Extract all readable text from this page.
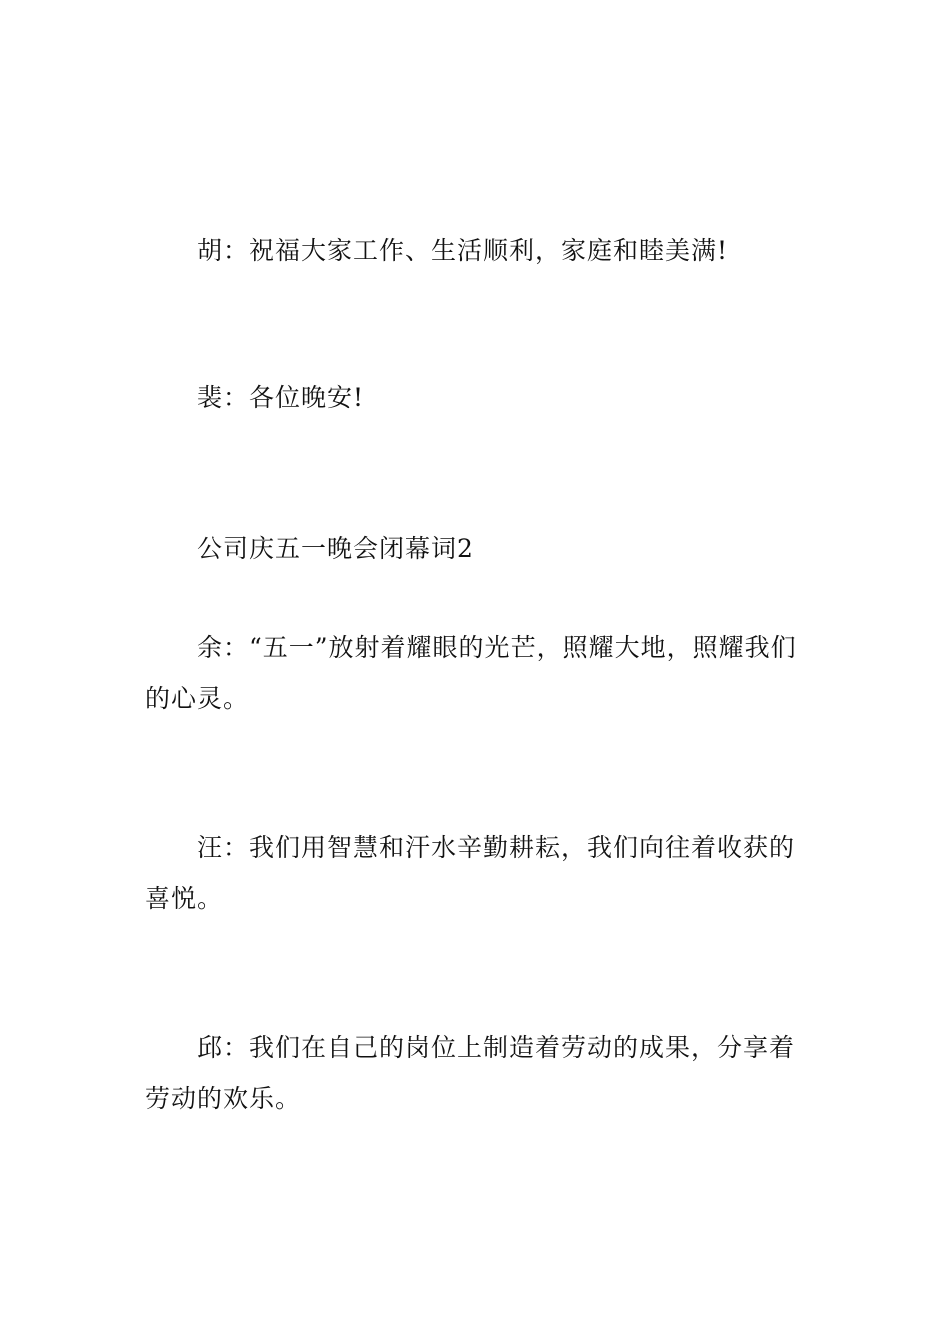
胡：祝福大家工作、生活顺利，家庭和睦美满!

裴：各位晚安!

公司庆五一晚会闭幕词2

余：“五一”放射着耀眼的光芒，照耀大地，照耀我们的心灵。

汪：我们用智慧和汗水辛勤耕耘，我们向往着收获的喜悦。

邱：我们在自己的岗位上制造着劳动的成果，分享着劳动的欢乐。
